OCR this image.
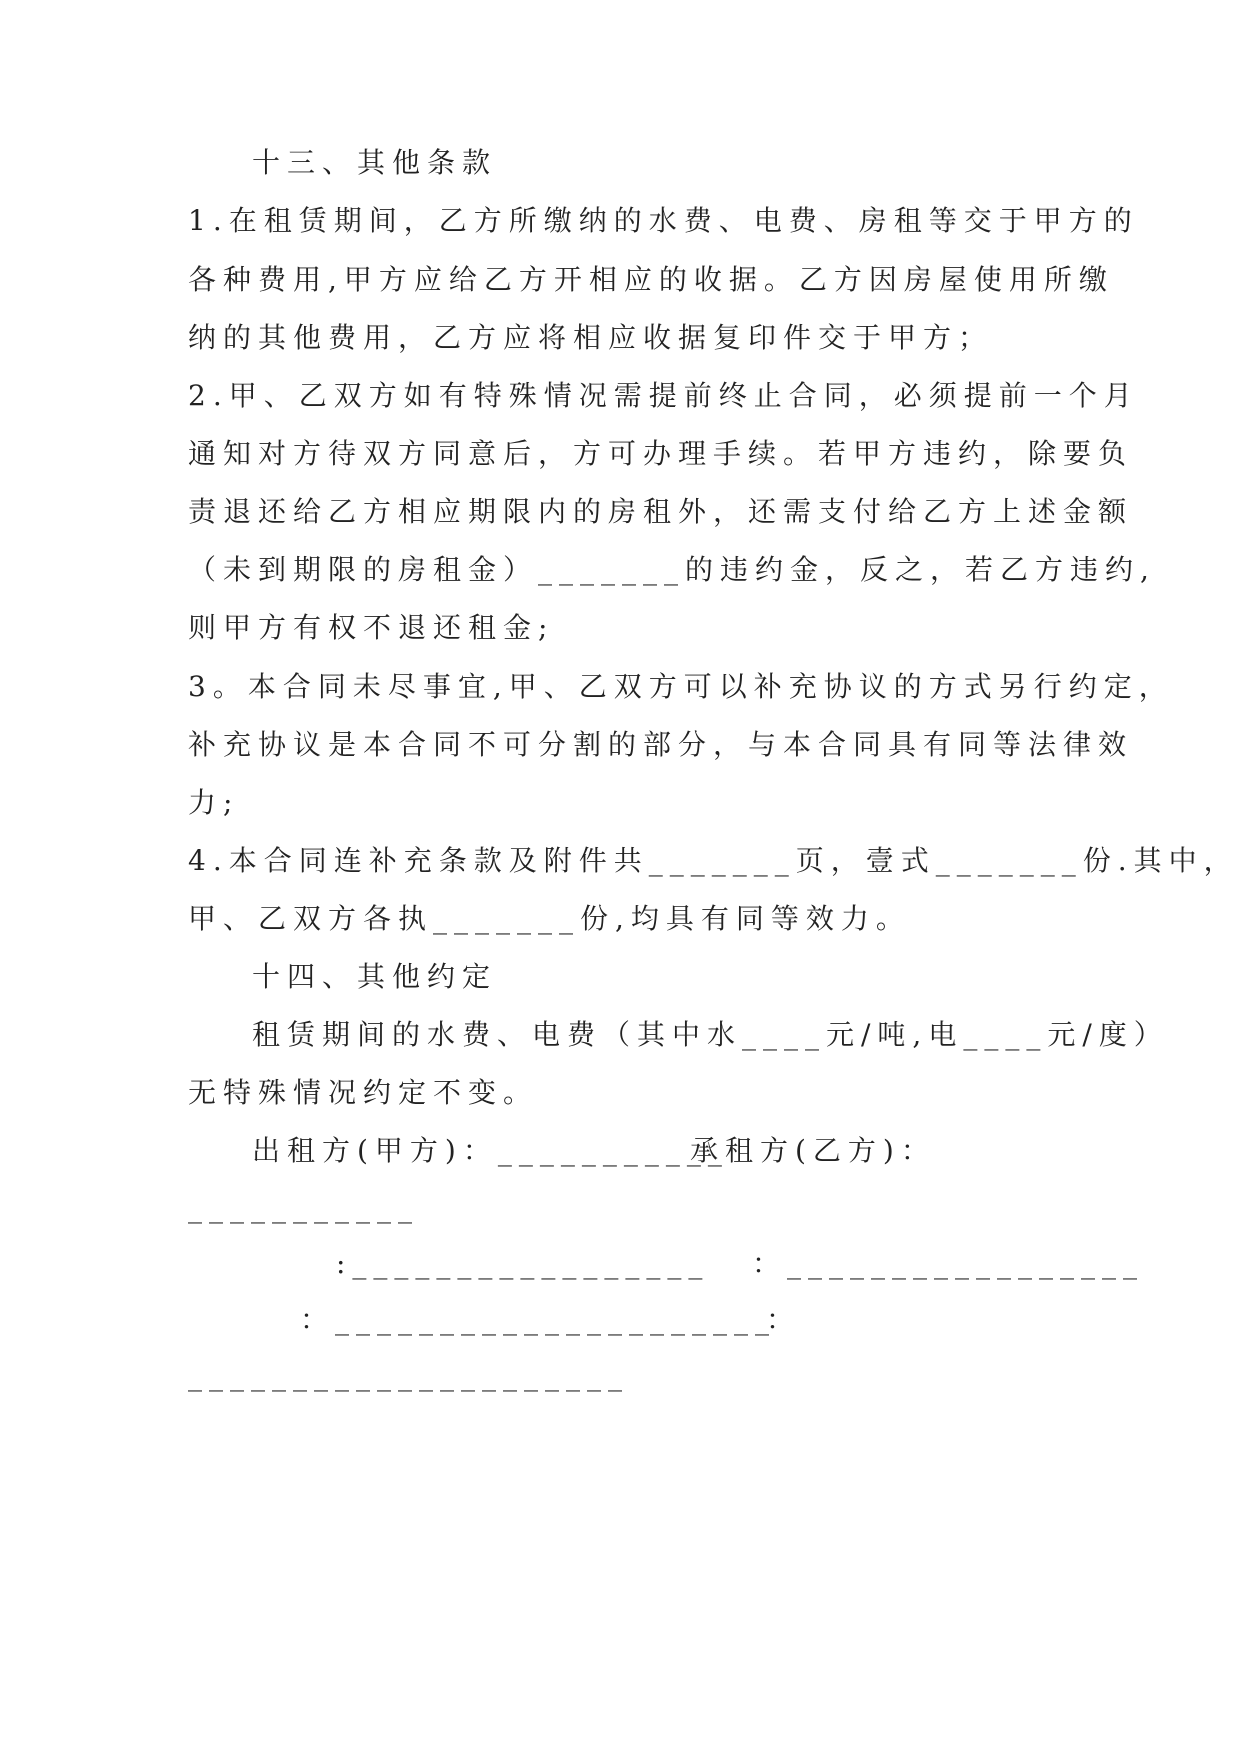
十三、其他条款
1.在租赁期间，乙方所缴纳的水费、电费、房租等交于甲方的
各种费用,甲方应给乙方开相应的收据。乙方因房屋使用所缴
纳的其他费用，乙方应将相应收据复印件交于甲方；
2.甲、乙双方如有特殊情况需提前终止合同，必须提前一个月
通知对方待双方同意后，方可办理手续。若甲方违约，除要负
责退还给乙方相应期限内的房租外，还需支付给乙方上述金额
（未到期限的房租金）_______的违约金，反之，若乙方违约,
则甲方有权不退还租金;
3。本合同未尽事宜,甲、乙双方可以补充协议的方式另行约定，
补充协议是本合同不可分割的部分，与本合同具有同等法律效
力;
4.本合同连补充条款及附件共_______页，壹式_______份.其中，
甲、乙双方各执_______份,均具有同等效力。
十四、其他约定
租赁期间的水费、电费（其中水____元/吨,电____元/度）
无特殊情况约定不变。
出租方(甲方)：___________
承租方(乙方)：
___________
:_________________ ：_________________
：_____________________
：
_____________________
